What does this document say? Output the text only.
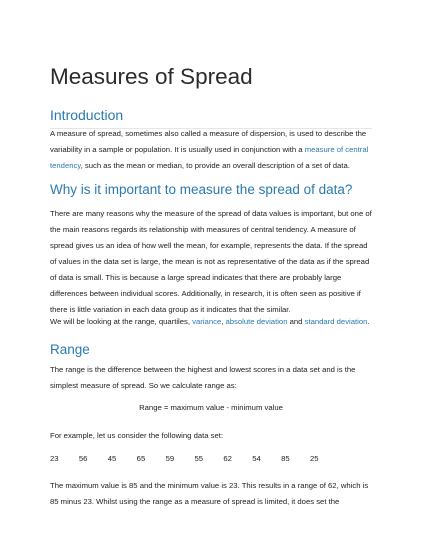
Measures of Spread
Introduction

A measure of spread, sometimes also called a measure of dispersion, is used to describe the variability in a sample or population. It is usually used in conjunction with a measure of central tendency, such as the mean or median, to provide an overall description of a set of data.

Why is it important to measure the spread of data?

There are many reasons why the measure of the spread of data values is important, but one of the main reasons regards its relationship with measures of central tendency. A measure of spread gives us an idea of how well the mean, for example, represents the data. If the spread of values in the data set is large, the mean is not as representative of the data as if the spread of data is small. This is because a large spread indicates that there are probably large differences between individual scores. Additionally, in research, it is often seen as positive if there is little variation in each data group as it indicates that the similar.

We will be looking at the range, quartiles, variance, absolute deviation and standard deviation.

Range

The range is the difference between the highest and lowest scores in a data set and is the simplest measure of spread. So we calculate range as:

Range = maximum value - minimum value

For example, let us consider the following data set:

23	56	45	65	59	55	62	54	85	25

The maximum value is 85 and the minimum value is 23. This results in a range of 62, which is 85 minus 23. Whilst using the range as a measure of spread is limited, it does set the
